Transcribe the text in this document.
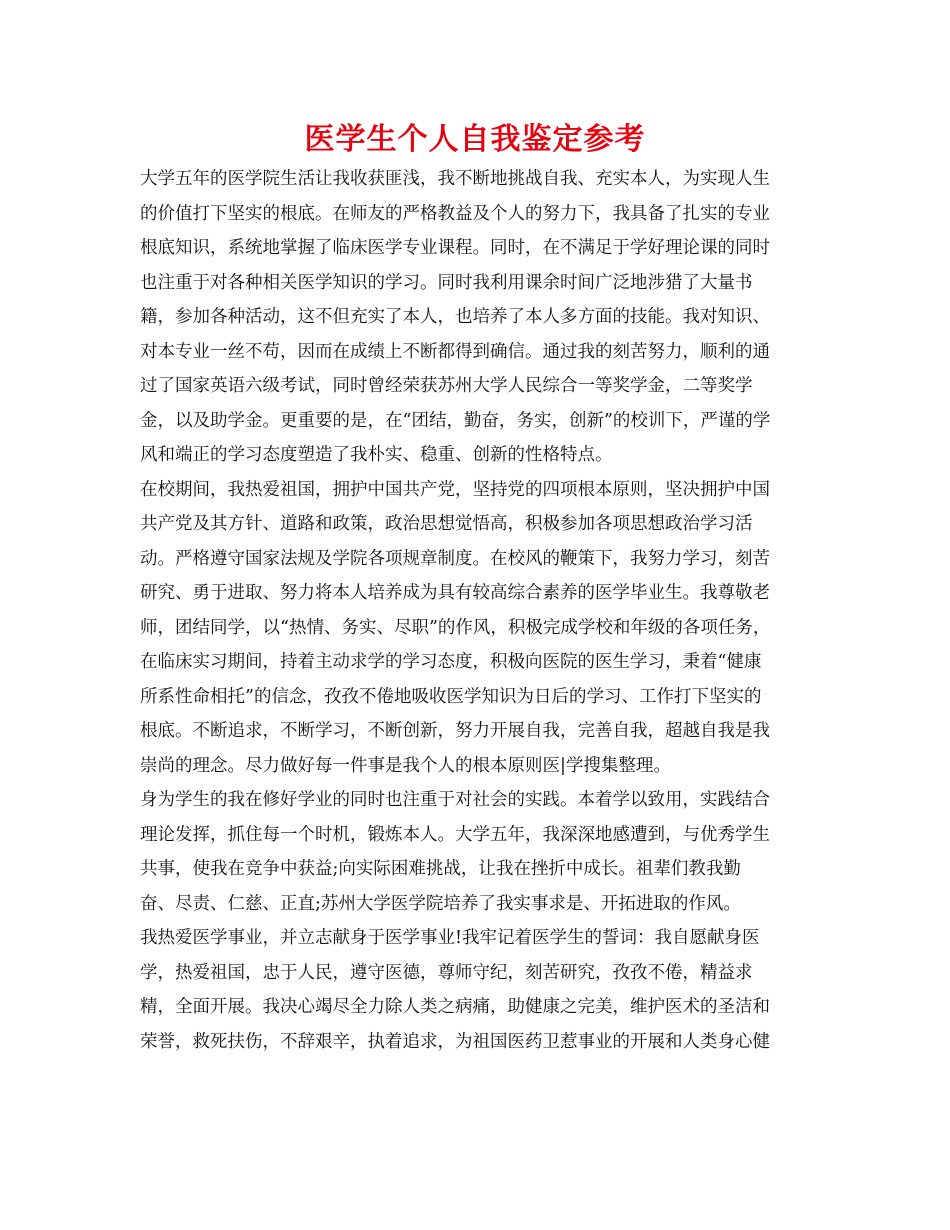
医学生个人自我鉴定参考
大学五年的医学院生活让我收获匪浅，我不断地挑战自我、充实本人，为实现人生
的价值打下坚实的根底。在师友的严格教益及个人的努力下，我具备了扎实的专业
根底知识，系统地掌握了临床医学专业课程。同时，在不满足于学好理论课的同时
也注重于对各种相关医学知识的学习。同时我利用课余时间广泛地涉猎了大量书
籍，参加各种活动，这不但充实了本人，也培养了本人多方面的技能。我对知识、
对本专业一丝不苟，因而在成绩上不断都得到确信。通过我的刻苦努力，顺利的通
过了国家英语六级考试，同时曾经荣获苏州大学人民综合一等奖学金，二等奖学
金，以及助学金。更重要的是，在“团结，勤奋，务实，创新”的校训下，严谨的学
风和端正的学习态度塑造了我朴实、稳重、创新的性格特点。
在校期间，我热爱祖国，拥护中国共产党，坚持党的四项根本原则，坚决拥护中国
共产党及其方针、道路和政策，政治思想觉悟高，积极参加各项思想政治学习活
动。严格遵守国家法规及学院各项规章制度。在校风的鞭策下，我努力学习，刻苦
研究、勇于进取、努力将本人培养成为具有较高综合素养的医学毕业生。我尊敬老
师，团结同学，以“热情、务实、尽职”的作风，积极完成学校和年级的各项任务，
在临床实习期间，持着主动求学的学习态度，积极向医院的医生学习，秉着“健康
所系性命相托”的信念，孜孜不倦地吸收医学知识为日后的学习、工作打下坚实的
根底。不断追求，不断学习，不断创新，努力开展自我，完善自我，超越自我是我
崇尚的理念。尽力做好每一件事是我个人的根本原则医|学搜集整理。
身为学生的我在修好学业的同时也注重于对社会的实践。本着学以致用，实践结合
理论发挥，抓住每一个时机，锻炼本人。大学五年，我深深地感遭到，与优秀学生
共事，使我在竞争中获益;向实际困难挑战，让我在挫折中成长。祖辈们教我勤
奋、尽责、仁慈、正直;苏州大学医学院培养了我实事求是、开拓进取的作风。
我热爱医学事业，并立志献身于医学事业!我牢记着医学生的誓词：我自愿献身医
学，热爱祖国，忠于人民，遵守医德，尊师守纪，刻苦研究，孜孜不倦，精益求
精，全面开展。我决心竭尽全力除人类之病痛，助健康之完美，维护医术的圣洁和
荣誉，救死扶伤，不辞艰辛，执着追求，为祖国医药卫惹事业的开展和人类身心健
